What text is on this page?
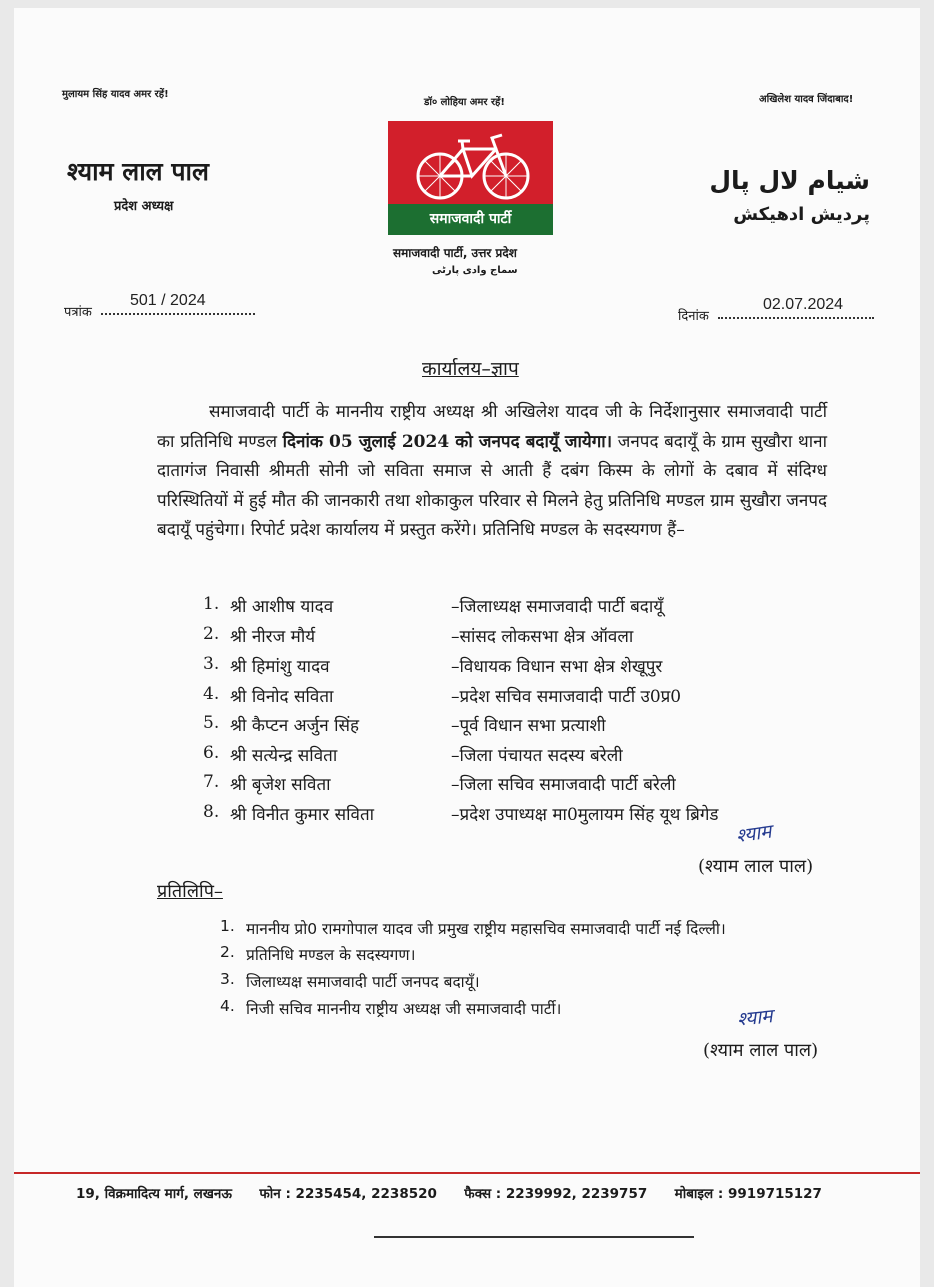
मुलायम सिंह यादव अमर रहें!
डॉ० लोहिया अमर रहें!	अखिलेश यादव जिंदाबाद!
श्याम लाल पाल
प्रदेश अध्यक्ष
شیام لال پال
پردیش ادھیکش
समाजवादी पार्टी
समाजवादी पार्टी, उत्तर प्रदेश
سماج وادی پارٹی
पत्रांक
501 / 2024
दिनांक
02.07.2024
कार्यालय–ज्ञाप
समाजवादी पार्टी के माननीय राष्ट्रीय अध्यक्ष श्री अखिलेश यादव जी के निर्देशानुसार समाजवादी पार्टी का प्रतिनिधि मण्डल दिनांक 05 जुलाई 2024 को जनपद बदायूँ जायेगा। जनपद बदायूँ के ग्राम सुखौरा थाना दातागंज निवासी श्रीमती सोनी जो सविता समाज से आती हैं दबंग किस्म के लोगों के दबाव में संदिग्ध परिस्थितियों में हुई मौत की जानकारी तथा शोकाकुल परिवार से मिलने हेतु प्रतिनिधि मण्डल ग्राम सुखौरा जनपद बदायूँ पहुंचेगा। रिपोर्ट प्रदेश कार्यालय में प्रस्तुत करेंगे। प्रतिनिधि मण्डल के सदस्यगण हैं–
1. श्री आशीष यादव	–जिलाध्यक्ष समाजवादी पार्टी बदायूँ
2. श्री नीरज मौर्य	–सांसद लोकसभा क्षेत्र ऑवला
3. श्री हिमांशु यादव	–विधायक विधान सभा क्षेत्र शेखूपुर
4. श्री विनोद सविता	–प्रदेश सचिव समाजवादी पार्टी उ0प्र0
5. श्री कैप्टन अर्जुन सिंह	–पूर्व विधान सभा प्रत्याशी
6. श्री सत्येन्द्र सविता	–जिला पंचायत सदस्य बरेली
7. श्री बृजेश सविता	–जिला सचिव समाजवादी पार्टी बरेली
8. श्री विनीत कुमार सविता	–प्रदेश उपाध्यक्ष मा0मुलायम सिंह यूथ ब्रिगेड
श्याम
(श्याम लाल पाल)
प्रतिलिपि–
1. माननीय प्रो0 रामगोपाल यादव जी प्रमुख राष्ट्रीय महासचिव समाजवादी पार्टी नई दिल्ली।
2. प्रतिनिधि मण्डल के सदस्यगण।
3. जिलाध्यक्ष समाजवादी पार्टी जनपद बदायूँ।
4. निजी सचिव माननीय राष्ट्रीय अध्यक्ष जी समाजवादी पार्टी।	श्याम
(श्याम लाल पाल)
19, विक्रमादित्य मार्ग, लखनऊ फोन : 2235454, 2238520 फैक्स : 2239992, 2239757 मोबाइल : 9919715127
